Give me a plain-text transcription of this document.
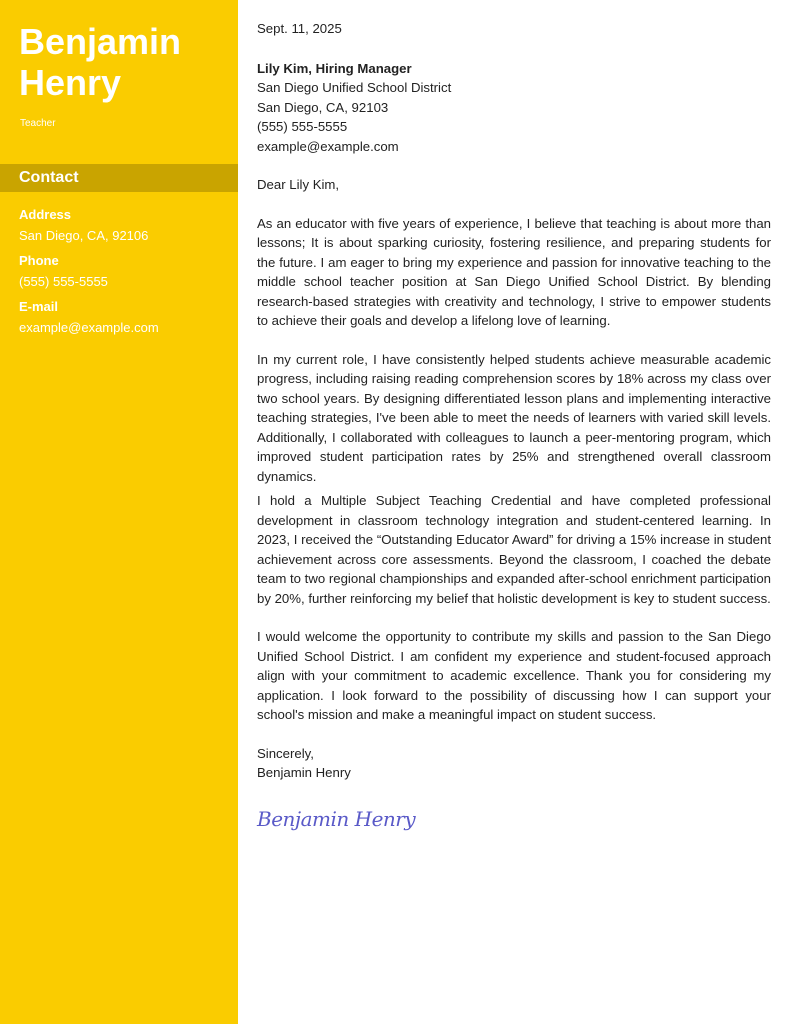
Benjamin
Henry
Teacher
Contact
Address
San Diego, CA, 92106
Phone
(555) 555-5555
E-mail
example@example.com
Sept. 11, 2025
Lily Kim, Hiring Manager
San Diego Unified School District
San Diego, CA, 92103
(555) 555-5555
example@example.com
Dear Lily Kim,

As an educator with five years of experience, I believe that teaching is about more than lessons; It is about sparking curiosity, fostering resilience, and preparing students for the future. I am eager to bring my experience and passion for innovative teaching to the middle school teacher position at San Diego Unified School District. By blending research-based strategies with creativity and technology, I strive to empower students to achieve their goals and develop a lifelong love of learning.

In my current role, I have consistently helped students achieve measurable academic progress, including raising reading comprehension scores by 18% across my class over two school years. By designing differentiated lesson plans and implementing interactive teaching strategies, I've been able to meet the needs of learners with varied skill levels. Additionally, I collaborated with colleagues to launch a peer-mentoring program, which improved student participation rates by 25% and strengthened overall classroom dynamics.

I hold a Multiple Subject Teaching Credential and have completed professional development in classroom technology integration and student-centered learning. In 2023, I received the “Outstanding Educator Award” for driving a 15% increase in student achievement across core assessments. Beyond the classroom, I coached the debate team to two regional championships and expanded after-school enrichment participation by 20%, further reinforcing my belief that holistic development is key to student success.

I would welcome the opportunity to contribute my skills and passion to the San Diego Unified School District. I am confident my experience and student-focused approach align with your commitment to academic excellence. Thank you for considering my application. I look forward to the possibility of discussing how I can support your school's mission and make a meaningful impact on student success.

Sincerely,
Benjamin Henry
Benjamin Henry
